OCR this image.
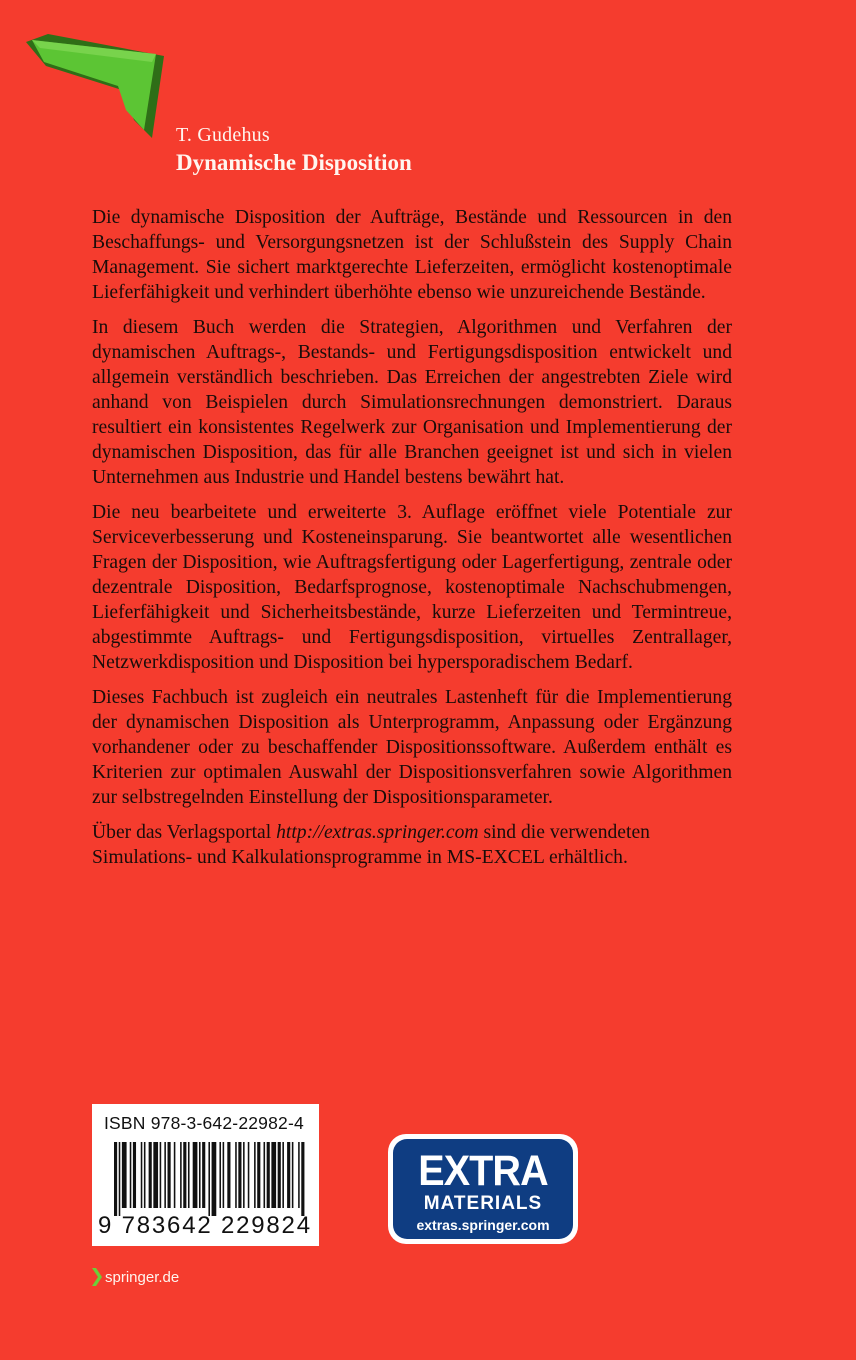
T. Gudehus
Dynamische Disposition

Die dynamische Disposition der Aufträge, Bestände und Ressourcen in den Beschaffungs- und Versorgungsnetzen ist der Schlußstein des Supply Chain Management. Sie sichert marktgerechte Lieferzeiten, ermöglicht kostenoptimale Lieferfähigkeit und verhindert überhöhte ebenso wie unzureichende Bestände.

In diesem Buch werden die Strategien, Algorithmen und Verfahren der dynamischen Auftrags-, Bestands- und Fertigungsdisposition entwickelt und allgemein verständlich beschrieben. Das Erreichen der angestrebten Ziele wird anhand von Beispielen durch Simulationsrechnungen demonstriert. Daraus resultiert ein konsistentes Regelwerk zur Organisation und Implementierung der dynamischen Disposition, das für alle Branchen geeignet ist und sich in vielen Unternehmen aus Industrie und Handel bestens bewährt hat.

Die neu bearbeitete und erweiterte 3. Auflage eröffnet viele Potentiale zur Serviceverbesserung und Kosteneinsparung. Sie beantwortet alle wesentlichen Fragen der Disposition, wie Auftragsfertigung oder Lagerfertigung, zentrale oder dezentrale Disposition, Bedarfsprognose, kostenoptimale Nachschubmengen, Lieferfähigkeit und Sicherheitsbestände, kurze Lieferzeiten und Termintreue, abgestimmte Auftrags- und Fertigungsdisposition, virtuelles Zentrallager, Netzwerkdisposition und Disposition bei hypersporadischem Bedarf.

Dieses Fachbuch ist zugleich ein neutrales Lastenheft für die Implementierung der dynamischen Disposition als Unterprogramm, Anpassung oder Ergänzung vorhandener oder zu beschaffender Dispositionssoftware. Außerdem enthält es Kriterien zur optimalen Auswahl der Dispositionsverfahren sowie Algorithmen zur selbstregelnden Einstellung der Dispositionsparameter.

Über das Verlagsportal http://extras.springer.com sind die verwendeten Simulations- und Kalkulationsprogramme in MS-EXCEL erhältlich.

ISBN 978-3-642-22982-4
9 783642 229824
EXTRA
MATERIALS
extras.springer.com
springer.de
